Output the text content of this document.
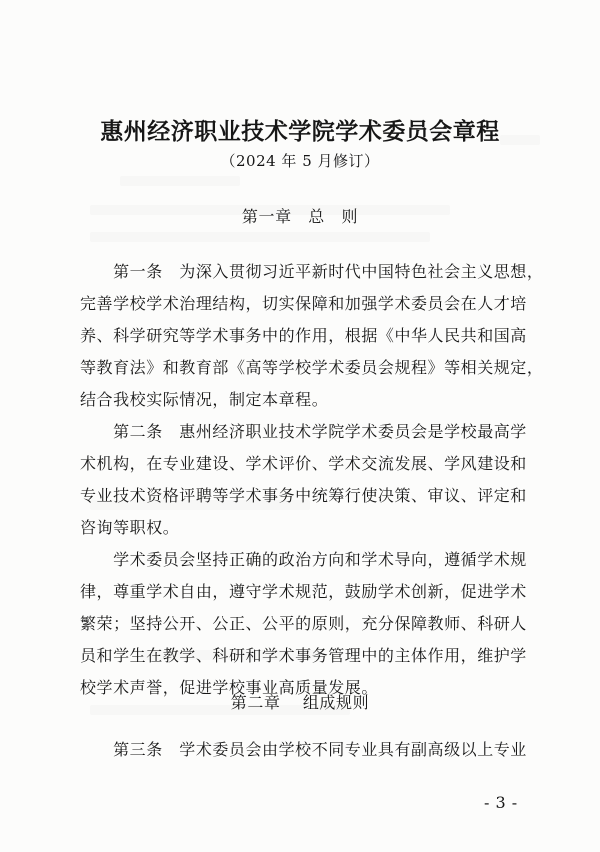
惠州经济职业技术学院学术委员会章程
（2024 年 5 月修订）
第一章　总　则
　　第一条　为深入贯彻习近平新时代中国特色社会主义思想，
完善学校学术治理结构，切实保障和加强学术委员会在人才培
养、科学研究等学术事务中的作用，根据《中华人民共和国高
等教育法》和教育部《高等学校学术委员会规程》等相关规定，
结合我校实际情况，制定本章程。
　　第二条　惠州经济职业技术学院学术委员会是学校最高学
术机构，在专业建设、学术评价、学术交流发展、学风建设和
专业技术资格评聘等学术事务中统筹行使决策、审议、评定和
咨询等职权。
　　学术委员会坚持正确的政治方向和学术导向，遵循学术规
律，尊重学术自由，遵守学术规范，鼓励学术创新，促进学术
繁荣；坚持公开、公正、公平的原则，充分保障教师、科研人
员和学生在教学、科研和学术事务管理中的主体作用，维护学
校学术声誉，促进学校事业高质量发展。
第二章　 组成规则
　　第三条　学术委员会由学校不同专业具有副高级以上专业
- 3 -
